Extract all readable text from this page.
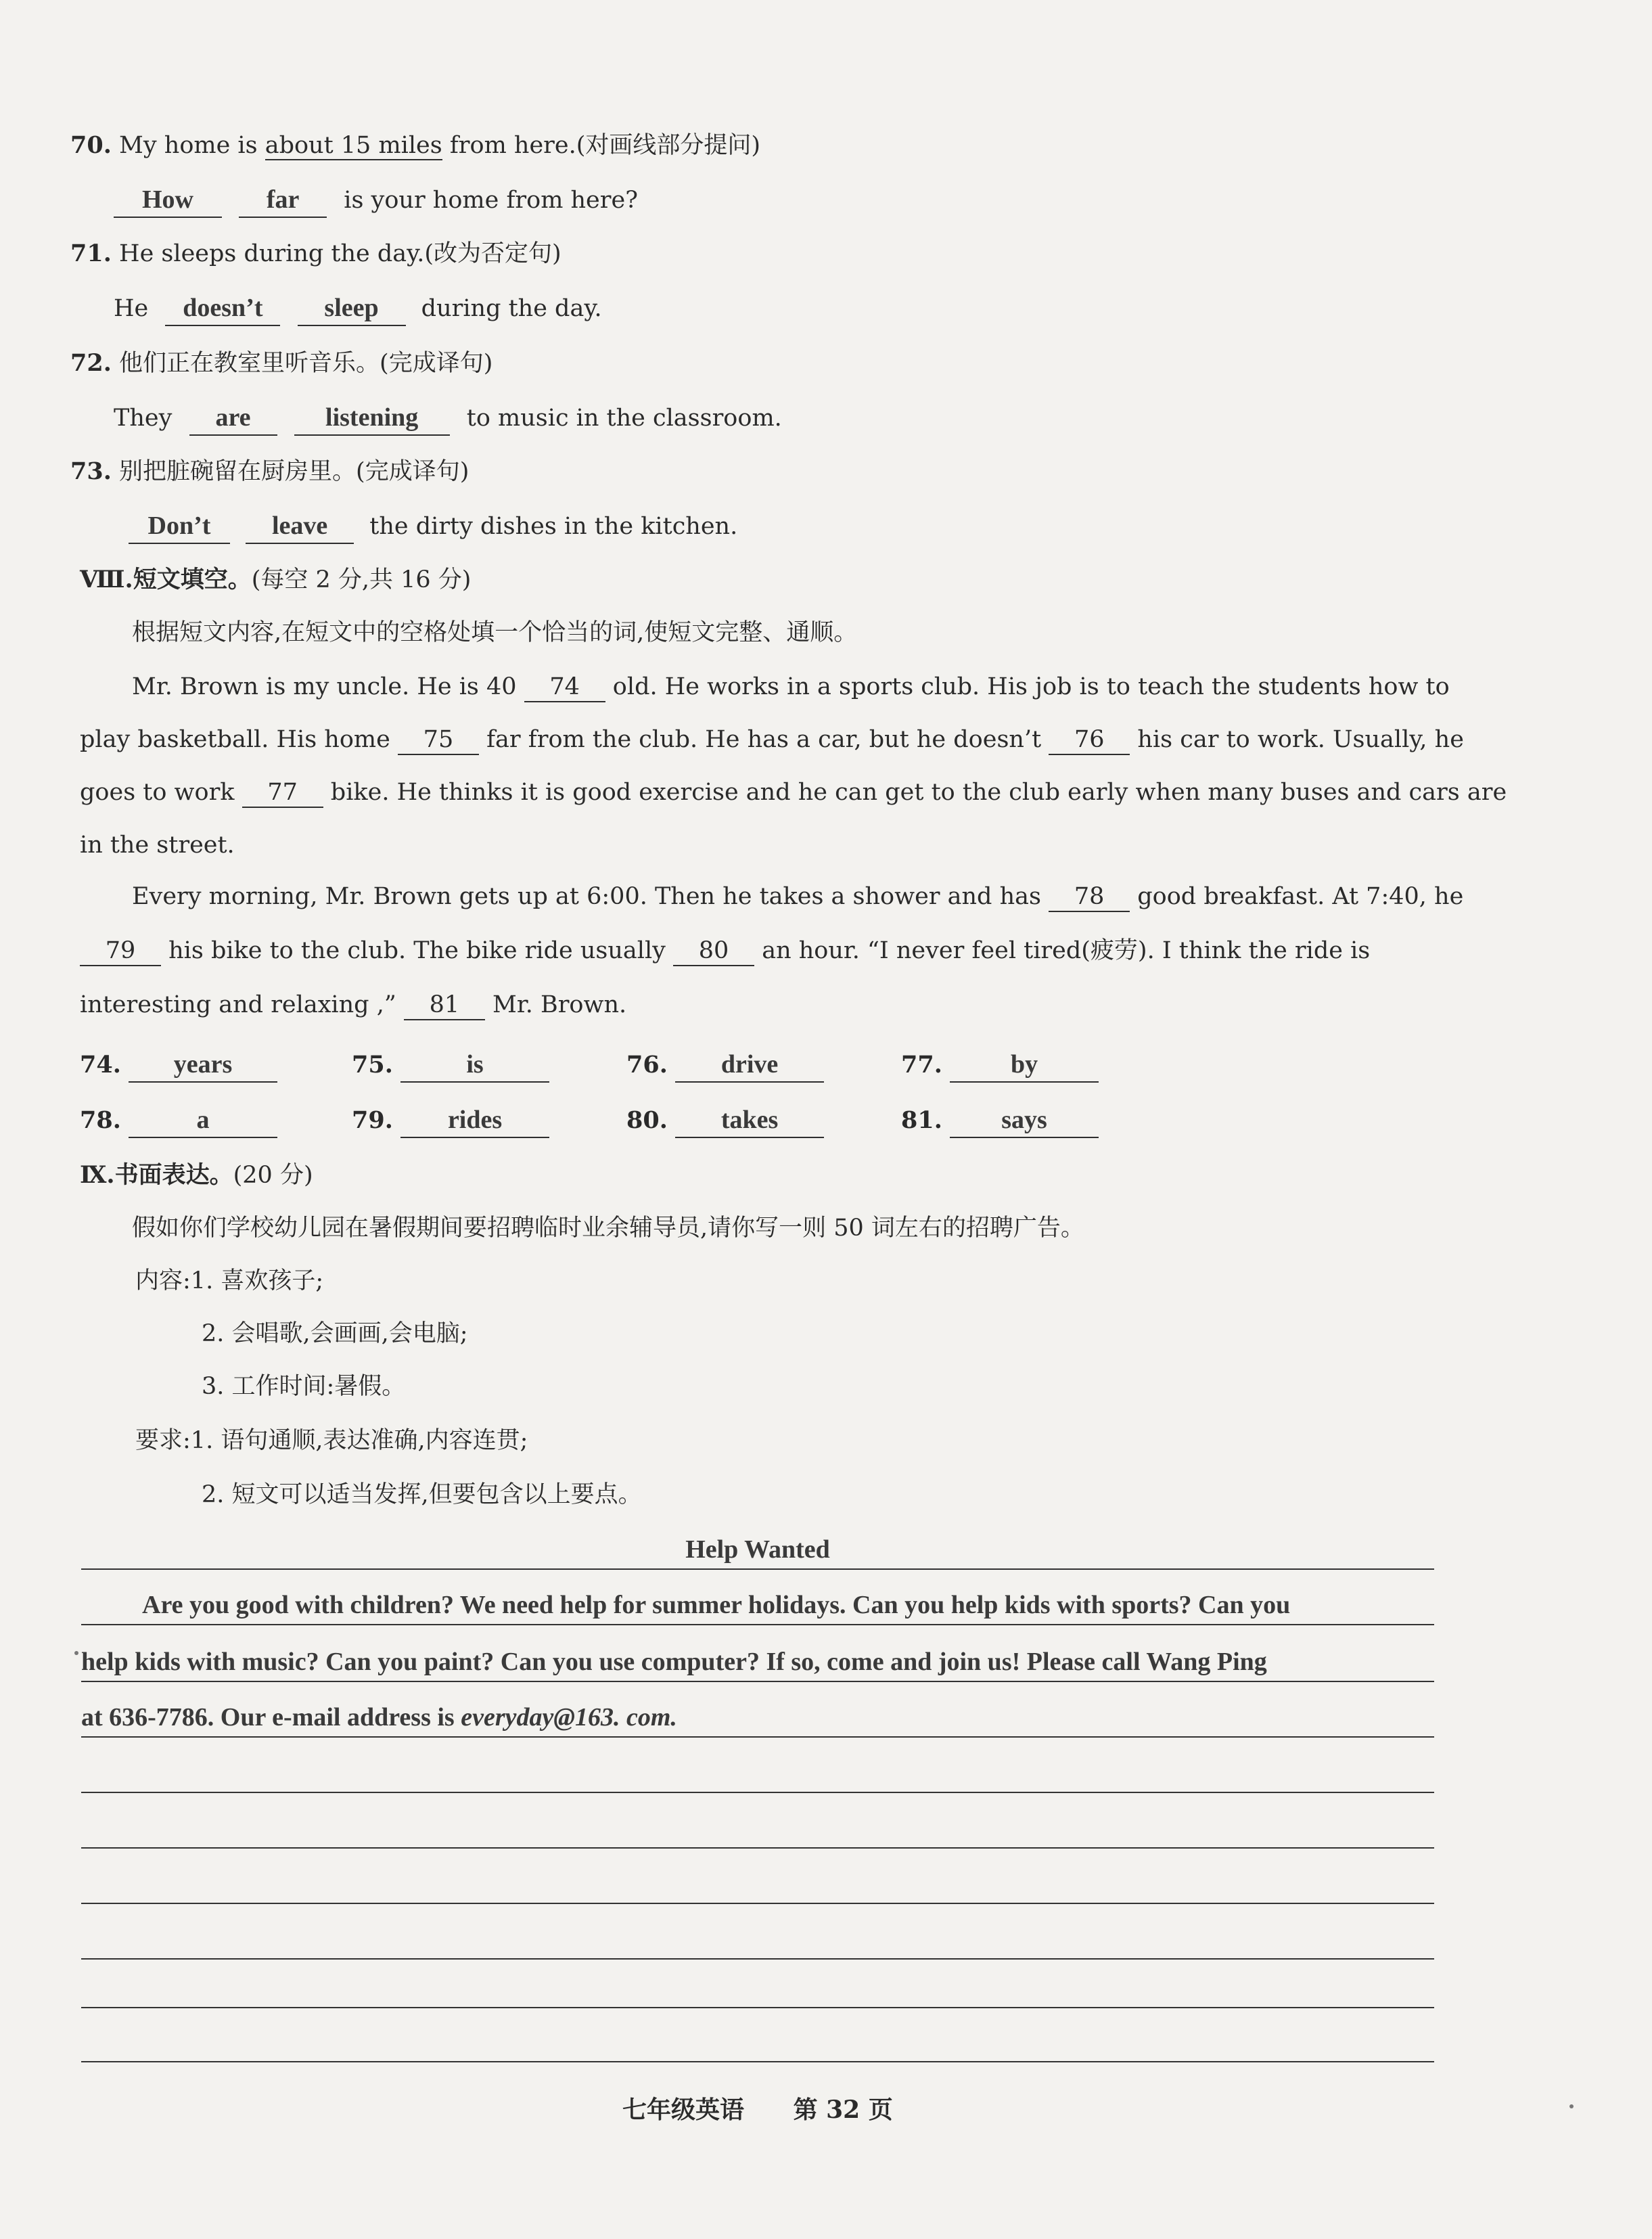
70. My home is about 15 miles from here.(对画线部分提问)
How	far is your home from here?
71. He sleeps during the day.(改为否定句)
He doesn’t sleep during the day.
72. 他们正在教室里听音乐。(完成译句)
They are	listening to music in the classroom.
73. 别把脏碗留在厨房里。(完成译句)
Don’t leave the dirty dishes in the kitchen.
Ⅷ.短文填空。(每空 2 分,共 16 分)
根据短文内容,在短文中的空格处填一个恰当的词,使短文完整、通顺。
Mr. Brown is my uncle. He is 40 74 old. He works in a sports club. His job is to teach the students how to
play basketball. His home 75 far from the club. He has a car, but he doesn’t 76 his car to work. Usually, he
goes to work 77 bike. He thinks it is good exercise and he can get to the club early when many buses and cars are
in the street.
Every morning, Mr. Brown gets up at 6:00. Then he takes a shower and has 78 good breakfast. At 7:40, he
79 his bike to the club. The bike ride usually 80 an hour. “I never feel tired(疲劳). I think the ride is
interesting and relaxing ,” 81 Mr. Brown.
74. years	75.	is	76. drive	77.	by
78.	a	79. rides	80. takes	81. says
Ⅸ.书面表达。(20 分)
假如你们学校幼儿园在暑假期间要招聘临时业余辅导员,请你写一则 50 词左右的招聘广告。
内容:1. 喜欢孩子;
2. 会唱歌,会画画,会电脑;
3. 工作时间:暑假。
要求:1. 语句通顺,表达准确,内容连贯;
2. 短文可以适当发挥,但要包含以上要点。
Help Wanted
Are you good with children? We need help for summer holidays. Can you help kids with sports? Can you
help kids with music? Can you paint? Can you use computer? If so, come and join us! Please call Wang Ping
at 636-7786. Our e-mail address is everyday@163. com.
七年级英语 第 32 页
